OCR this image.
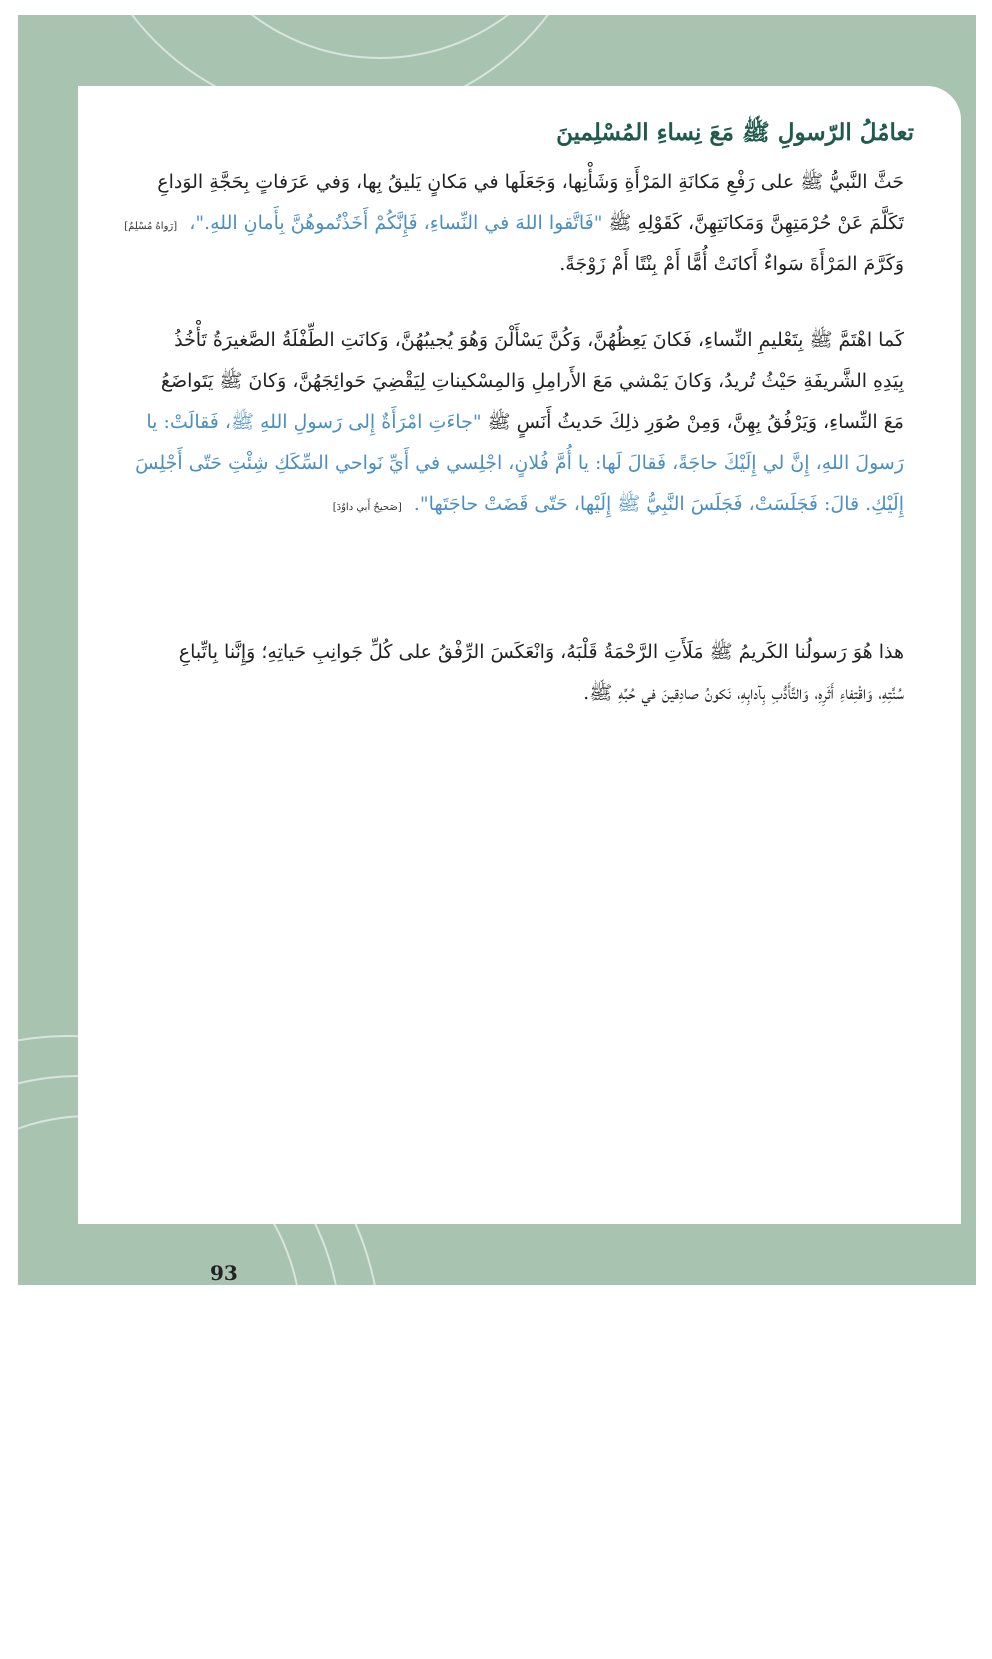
تعامُلُ الرّسولِ ﷺ مَعَ نِساءِ المُسْلِمينَ
حَثَّ النَّبيُّ ﷺ على رَفْعِ مَكانَةِ المَرْأَةِ وَشَأْنِها، وَجَعَلَها في مَكانٍ يَليقُ بِها، وَفي عَرَفاتٍ بِحَجَّةِ الوَداعِ
تَكَلَّمَ عَنْ حُرْمَتِهِنَّ وَمَكانَتِهِنَّ، كَقَوْلِهِ ﷺ "فَاتَّقوا اللهَ في النِّساءِ، فَإِنَّكُمْ أَخَذْتُموهُنَّ بِأَمانِ اللهِ."، [رَواهُ مُسْلِمٌ]
وَكَرَّمَ المَرْأَةَ سَواءٌ أَكانَتْ أُمًّا أَمْ بِنْتًا أَمْ زَوْجَةً.
كَما اهْتَمَّ ﷺ بِتَعْليمِ النِّساءِ، فَكانَ يَعِظُهُنَّ، وَكُنَّ يَسْأَلْنَ وَهُوَ يُجيبُهُنَّ، وَكانَتِ الطِّفْلَةُ الصَّغيرَةُ تَأْخُذُ
بِيَدِهِ الشَّريفَةِ حَيْثُ تُريدُ، وَكانَ يَمْشي مَعَ الأَرامِلِ وَالمِسْكيناتِ لِيَقْضِيَ حَوائِجَهُنَّ، وَكانَ ﷺ يَتَواضَعُ
مَعَ النِّساءِ، وَيَرْفُقُ بِهِنَّ، وَمِنْ صُوَرِ ذلِكَ حَديثُ أَنَسٍ ﷺ "جاءَتِ امْرَأَةٌ إِلى رَسولِ اللهِ ﷺ، فَقالَتْ: يا
رَسولَ اللهِ، إِنَّ لي إِلَيْكَ حاجَةً، فَقالَ لَها: يا أُمَّ فُلانٍ، اجْلِسي في أَيِّ نَواحي السِّكَكِ شِئْتِ حَتّى أَجْلِسَ
إِلَيْكِ. قالَ: فَجَلَسَتْ، فَجَلَسَ النَّبِيُّ ﷺ إِلَيْها، حَتّى قَضَتْ حاجَتَها". [صَحيحُ أَبي داوُدَ]
هذا هُوَ رَسولُنا الكَريمُ ﷺ مَلَأَتِ الرَّحْمَةُ قَلْبَهُ، وَانْعَكَسَ الرِّفْقُ على كُلِّ جَوانِبِ حَياتِهِ؛ وَإِنَّنا بِاتِّباعِ
سُنَّتِهِ، وَاقْتِفاءِ أَثَرِهِ، وَالتَّأَدُّبِ بِآدابِهِ، نَكونُ صادِقينَ في حُبِّهِ ﷺ.
93
